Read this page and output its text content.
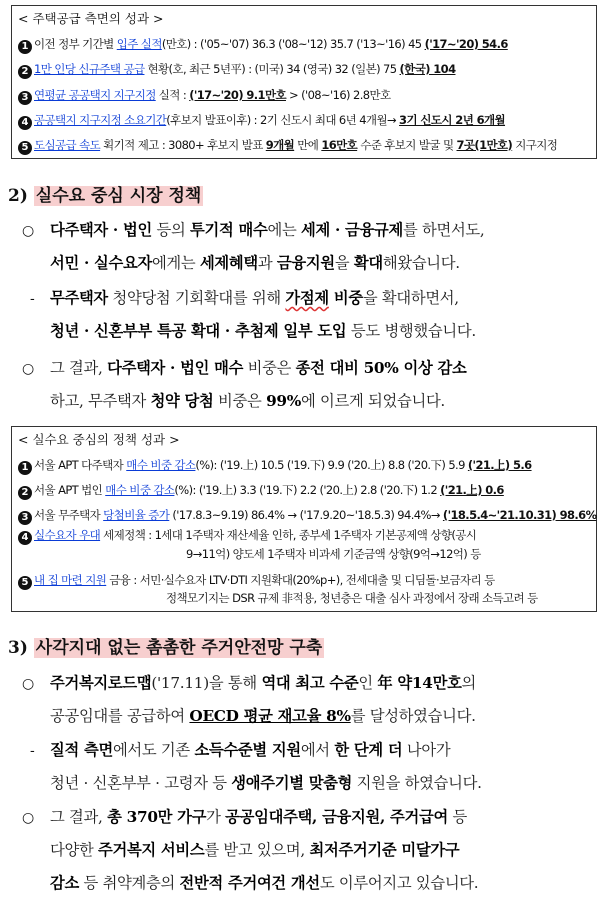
< 주택공급 측면의 성과 >
1 이전 정부 기간별 입주 실적(만호) : ('05~'07) 36.3 ('08~'12) 35.7 ('13~'16) 45 ('17~'20) 54.6
2 1만 인당 신규주택 공급 현황(호, 최근 5년平) : (미국) 34 (영국) 32 (일본) 75 (한국) 104
3 연평균 공공택지 지구지정 실적 : ('17~'20) 9.1만호 > ('08~'16) 2.8만호
4 공공택지 지구지정 소요기간(후보지 발표이후) : 2기 신도시 최대 6년 4개월→ 3기 신도시 2년 6개월
5 도심공급 속도 획기적 제고 : 3080+ 후보지 발표 9개월 만에 16만호 수준 후보지 발굴 및 7곳(1만호) 지구지정
2) 실수요 중심 시장 정책
○ 다주택자 · 법인 등의 투기적 매수에는 세제 · 금융규제를 하면서도,
서민 · 실수요자에게는 세제혜택과 금융지원을 확대해왔습니다.
- 무주택자 청약당첨 기회확대를 위해 가점제 비중을 확대하면서,
청년 · 신혼부부 특공 확대 · 추첨제 일부 도입 등도 병행했습니다.
○ 그 결과, 다주택자 · 법인 매수 비중은 종전 대비 50% 이상 감소
하고, 무주택자 청약 당첨 비중은 99%에 이르게 되었습니다.
< 실수요 중심의 정책 성과 >
1 서울 APT 다주택자 매수 비중 감소(%): ('19.上) 10.5 ('19.下) 9.9 ('20.上) 8.8 ('20.下) 5.9 ('21.上) 5.6
2 서울 APT 법인 매수 비중 감소(%): ('19.上) 3.3 ('19.下) 2.2 ('20.上) 2.8 ('20.下) 1.2 ('21.上) 0.6
3 서울 무주택자 당첨비율 증가 ('17.8.3~9.19) 86.4% → ('17.9.20~'18.5.3) 94.4%→ ('18.5.4~'21.10.31) 98.6%
4 실수요자 우대 세제정책 : 1세대 1주택자 재산세율 인하, 종부세 1주택자 기본공제액 상향(공시
9→11억) 양도세 1주택자 비과세 기준금액 상향(9억→12억) 등
5 내 집 마련 지원 금융 : 서민·실수요자 LTV·DTI 지원확대(20%p+), 전세대출 및 디딤돌·보금자리 등
정책모기지는 DSR 규제 非적용, 청년층은 대출 심사 과정에서 장래 소득고려 등
3) 사각지대 없는 촘촘한 주거안전망 구축
○ 주거복지로드맵('17.11)을 통해 역대 최고 수준인 年 약14만호의
공공임대를 공급하여 OECD 평균 재고율 8%를 달성하였습니다.
- 질적 측면에서도 기존 소득수준별 지원에서 한 단계 더 나아가
청년 · 신혼부부 · 고령자 등 생애주기별 맞춤형 지원을 하였습니다.
○ 그 결과, 총 370만 가구가 공공임대주택, 금융지원, 주거급여 등
다양한 주거복지 서비스를 받고 있으며, 최저주거기준 미달가구
감소 등 취약계층의 전반적 주거여건 개선도 이루어지고 있습니다.
